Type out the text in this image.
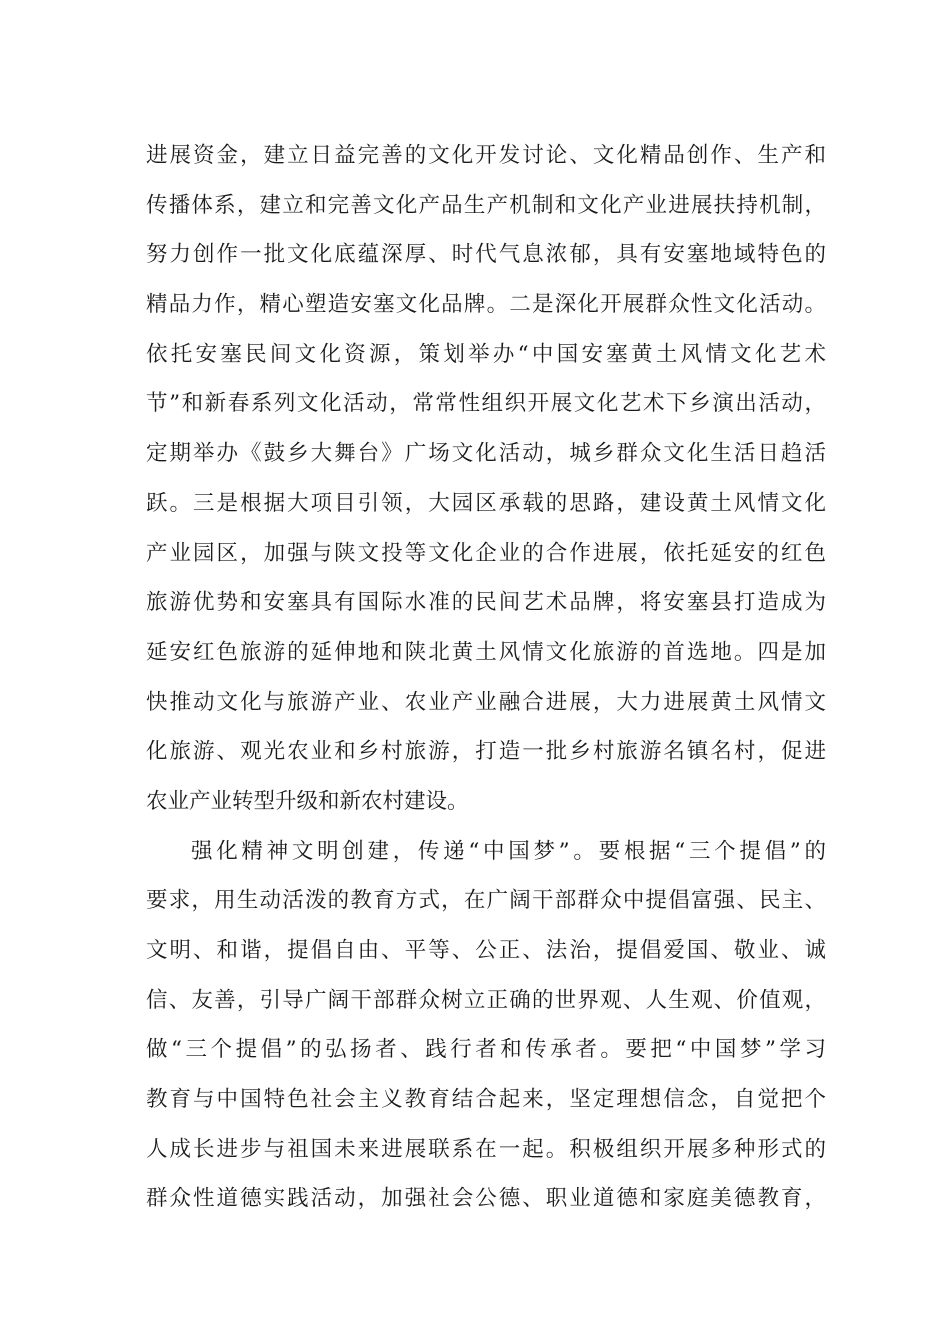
进展资金，建立日益完善的文化开发讨论、文化精品创作、生产和
传播体系，建立和完善文化产品生产机制和文化产业进展扶持机制，
努力创作一批文化底蕴深厚、时代气息浓郁，具有安塞地域特色的
精品力作，精心塑造安塞文化品牌。二是深化开展群众性文化活动。
依托安塞民间文化资源，策划举办“中国安塞黄土风情文化艺术
节”和新春系列文化活动，常常性组织开展文化艺术下乡演出活动，
定期举办《鼓乡大舞台》广场文化活动，城乡群众文化生活日趋活
跃。三是根据大项目引领，大园区承载的思路，建设黄土风情文化
产业园区，加强与陕文投等文化企业的合作进展，依托延安的红色
旅游优势和安塞具有国际水准的民间艺术品牌，将安塞县打造成为
延安红色旅游的延伸地和陕北黄土风情文化旅游的首选地。四是加
快推动文化与旅游产业、农业产业融合进展，大力进展黄土风情文
化旅游、观光农业和乡村旅游，打造一批乡村旅游名镇名村，促进
农业产业转型升级和新农村建设。
强化精神文明创建，传递“中国梦”。要根据“三个提倡”的
要求，用生动活泼的教育方式，在广阔干部群众中提倡富强、民主、
文明、和谐，提倡自由、平等、公正、法治，提倡爱国、敬业、诚
信、友善，引导广阔干部群众树立正确的世界观、人生观、价值观，
做“三个提倡”的弘扬者、践行者和传承者。要把“中国梦”学习
教育与中国特色社会主义教育结合起来，坚定理想信念，自觉把个
人成长进步与祖国未来进展联系在一起。积极组织开展多种形式的
群众性道德实践活动，加强社会公德、职业道德和家庭美德教育，
